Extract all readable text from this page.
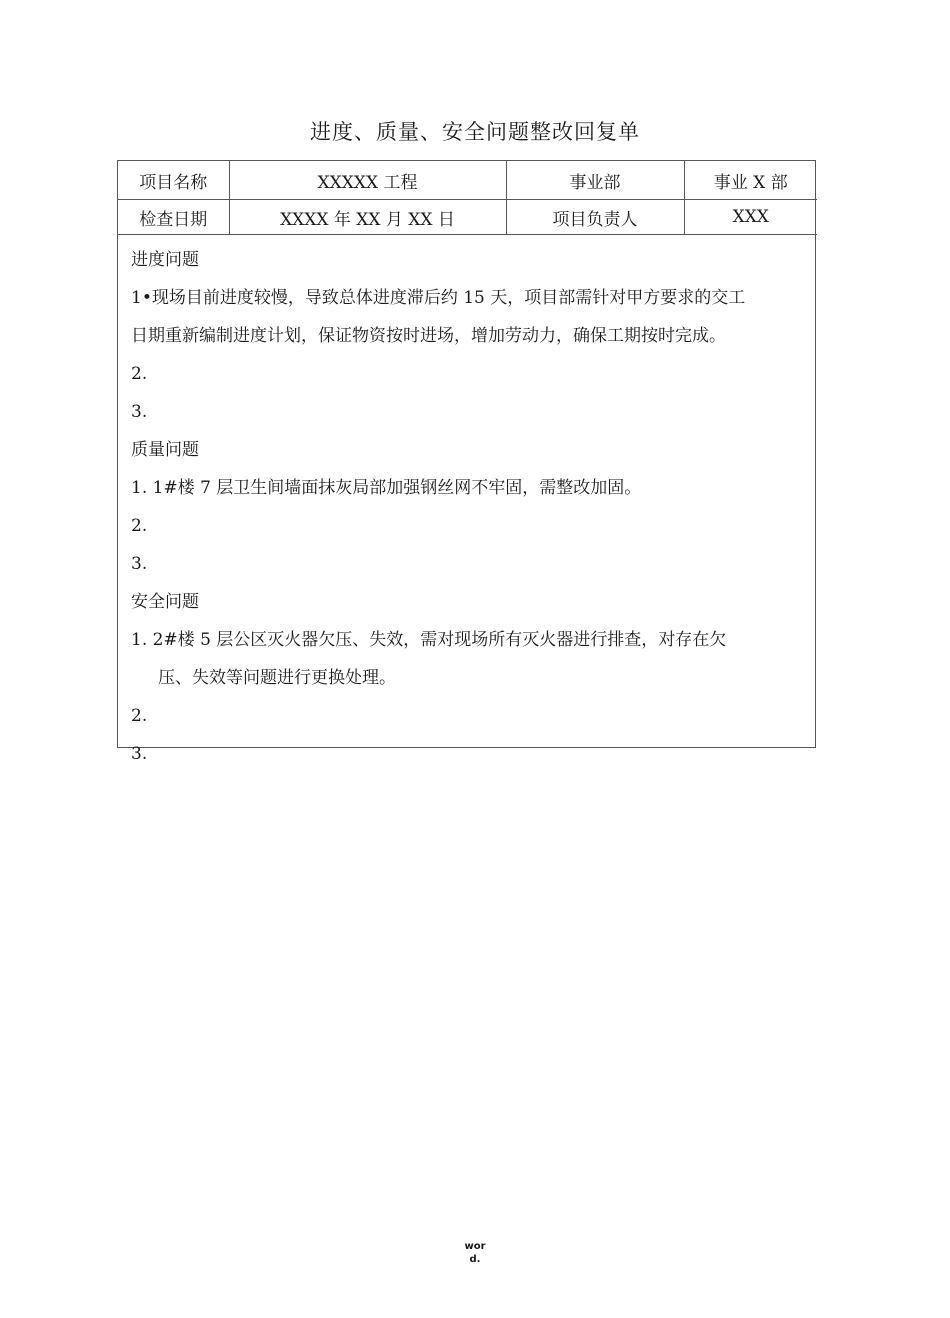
进度、质量、安全问题整改回复单
项目名称	XXXXX 工程	事业部	事业 X 部
检查日期	XXXX 年 XX 月 XX 日	项目负责人	XXX
进度问题
1•现场目前进度较慢，导致总体进度滞后约 15 天，项目部需针对甲方要求的交工
日期重新编制进度计划，保证物资按时进场，增加劳动力，确保工期按时完成。
2.
3.
质量问题
1. 1#楼 7 层卫生间墙面抹灰局部加强钢丝网不牢固，需整改加固。
2.
3.
安全问题
1. 2#楼 5 层公区灭火器欠压、失效，需对现场所有灭火器进行排查，对存在欠
压、失效等问题进行更换处理。
2.
3.
wor
d.
